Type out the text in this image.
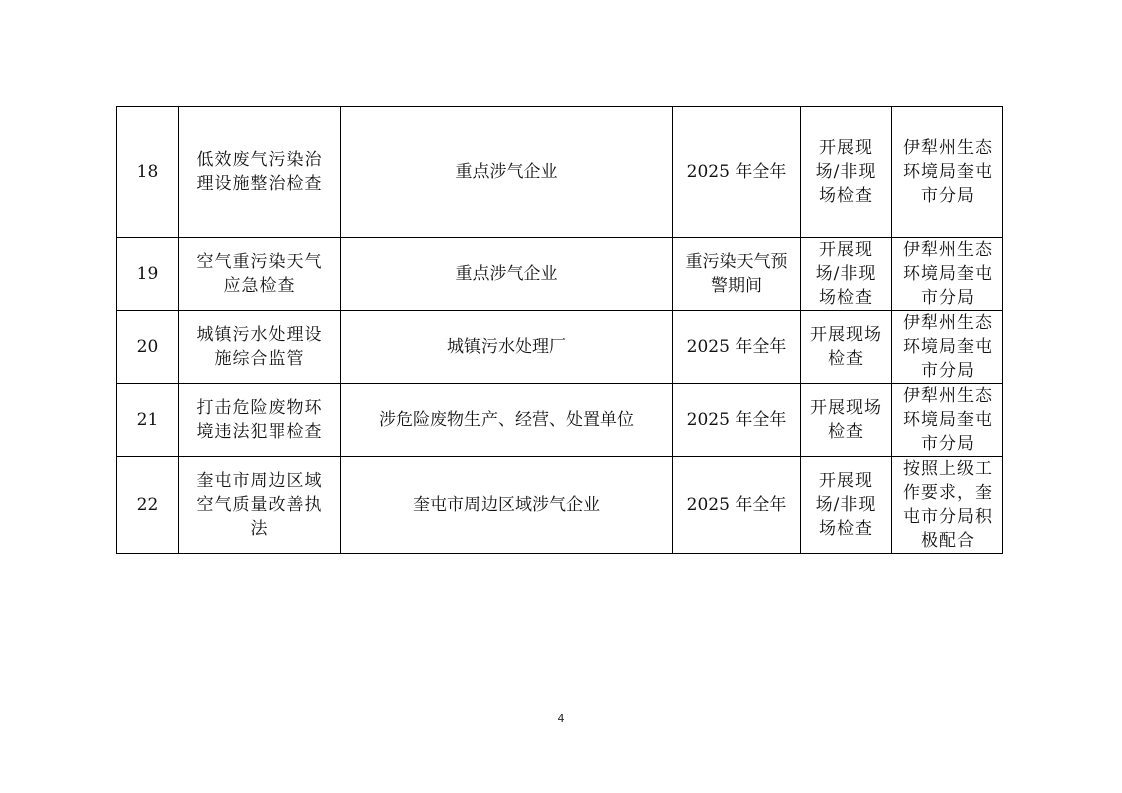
18	低效废气污染治理设施整治检查	重点涉气企业	2025 年全年	开展现场/非现场检查	伊犁州生态环境局奎屯市分局
19	空气重污染天气应急检查	重点涉气企业	重污染天气预警期间	开展现场/非现场检查	伊犁州生态环境局奎屯市分局
20	城镇污水处理设施综合监管	城镇污水处理厂	2025 年全年	开展现场检查	伊犁州生态环境局奎屯市分局
21	打击危险废物环境违法犯罪检查	涉危险废物生产、经营、处置单位	2025 年全年	开展现场检查	伊犁州生态环境局奎屯市分局
22	奎屯市周边区域空气质量改善执法	奎屯市周边区域涉气企业	2025 年全年	开展现场/非现场检查	按照上级工作要求，奎屯市分局积极配合
4
